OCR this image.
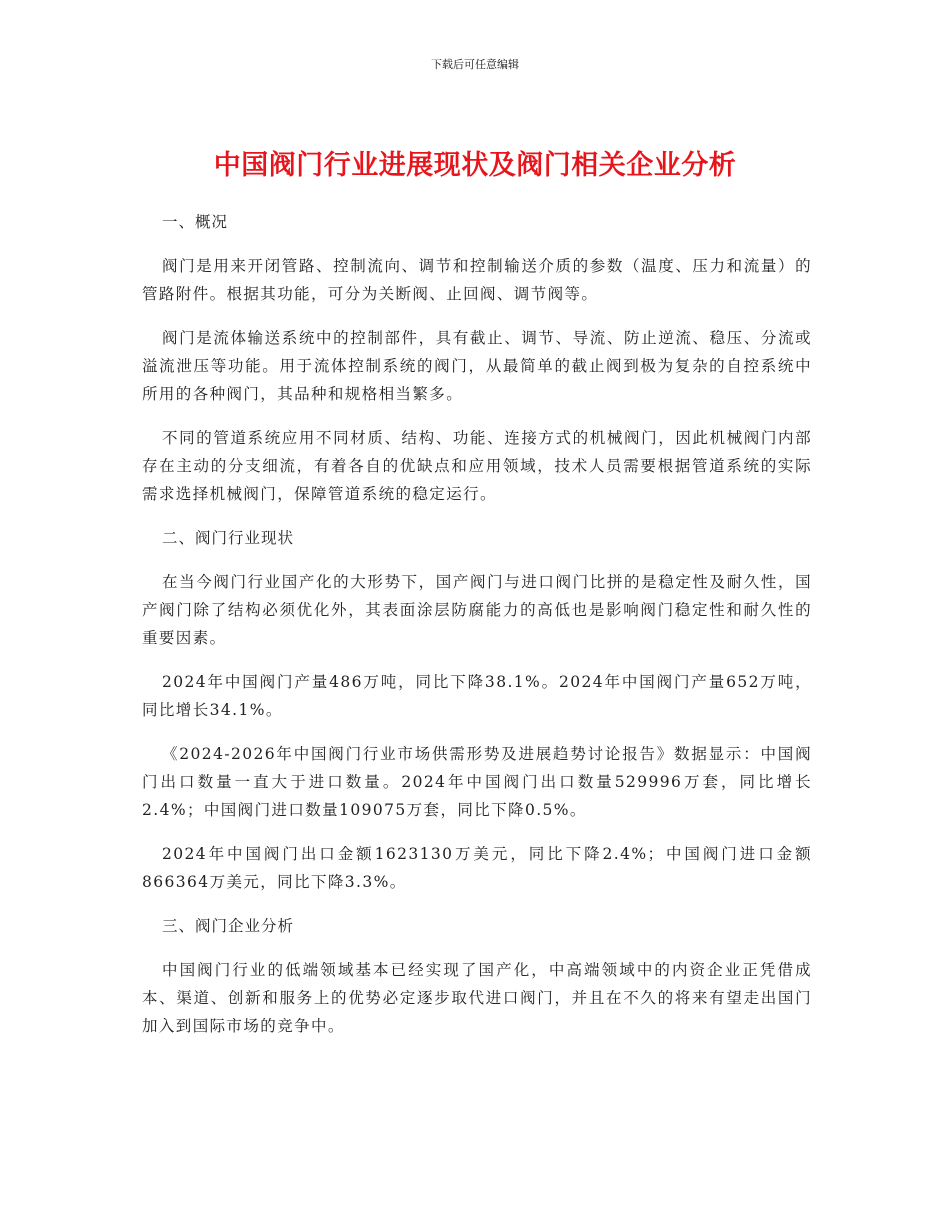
下载后可任意编辑
中国阀门行业进展现状及阀门相关企业分析
一、概况

阀门是用来开闭管路、控制流向、调节和控制输送介质的参数（温度、压力和流量）的管路附件。根据其功能，可分为关断阀、止回阀、调节阀等。

阀门是流体输送系统中的控制部件，具有截止、调节、导流、防止逆流、稳压、分流或溢流泄压等功能。用于流体控制系统的阀门，从最简单的截止阀到极为复杂的自控系统中所用的各种阀门，其品种和规格相当繁多。

不同的管道系统应用不同材质、结构、功能、连接方式的机械阀门，因此机械阀门内部存在主动的分支细流，有着各自的优缺点和应用领域，技术人员需要根据管道系统的实际需求选择机械阀门，保障管道系统的稳定运行。

二、阀门行业现状

在当今阀门行业国产化的大形势下，国产阀门与进口阀门比拼的是稳定性及耐久性，国产阀门除了结构必须优化外，其表面涂层防腐能力的高低也是影响阀门稳定性和耐久性的重要因素。

2024年中国阀门产量486万吨，同比下降38.1%。2024年中国阀门产量652万吨，同比增长34.1%。

《2024-2026年中国阀门行业市场供需形势及进展趋势讨论报告》数据显示：中国阀门出口数量一直大于进口数量。2024年中国阀门出口数量529996万套，同比增长2.4%；中国阀门进口数量109075万套，同比下降0.5%。

2024年中国阀门出口金额1623130万美元，同比下降2.4%；中国阀门进口金额866364万美元，同比下降3.3%。

三、阀门企业分析

中国阀门行业的低端领域基本已经实现了国产化，中高端领域中的内资企业正凭借成本、渠道、创新和服务上的优势必定逐步取代进口阀门，并且在不久的将来有望走出国门加入到国际市场的竞争中。
